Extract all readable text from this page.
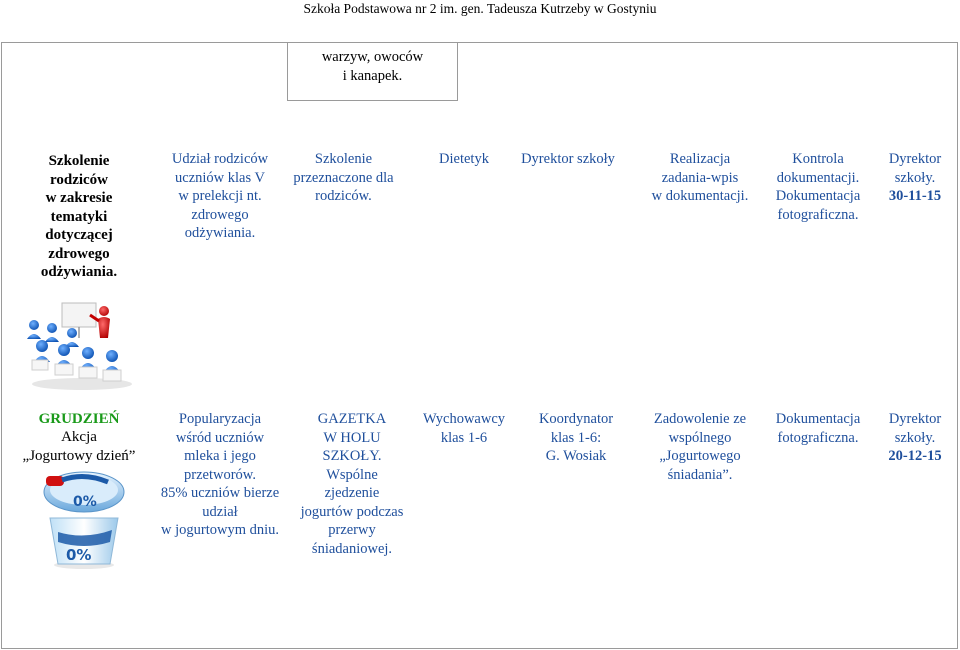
Szkoła Podstawowa nr 2 im. gen. Tadeusza Kutrzeby w Gostyniu
warzyw, owoców
i kanapek.
Szkolenie
rodziców
w zakresie
tematyki
dotyczącej
zdrowego
odżywiania.
Udział rodziców
uczniów klas V
w prelekcji nt.
zdrowego
odżywiania.
Szkolenie
przeznaczone dla
rodziców.
Dietetyk	Dyrektor szkoły	Realizacja
zadania-wpis
w dokumentacji.
Kontrola
dokumentacji.
Dokumentacja
fotograficzna.
Dyrektor
szkoły.
30-11-15
GRUDZIEŃ
Akcja
„Jogurtowy dzień”
0%
0%
Popularyzacja
wśród uczniów
mleka i jego
przetworów.
85% uczniów bierze
udział
w jogurtowym dniu.
GAZETKA
W HOLU
SZKOŁY.
Wspólne
zjedzenie
jogurtów podczas
przerwy
śniadaniowej.
Wychowawcy
klas 1-6
Koordynator
klas 1-6:
G. Wosiak
Zadowolenie ze
wspólnego
„Jogurtowego
śniadania”.
Dokumentacja
fotograficzna.
Dyrektor
szkoły.
20-12-15
